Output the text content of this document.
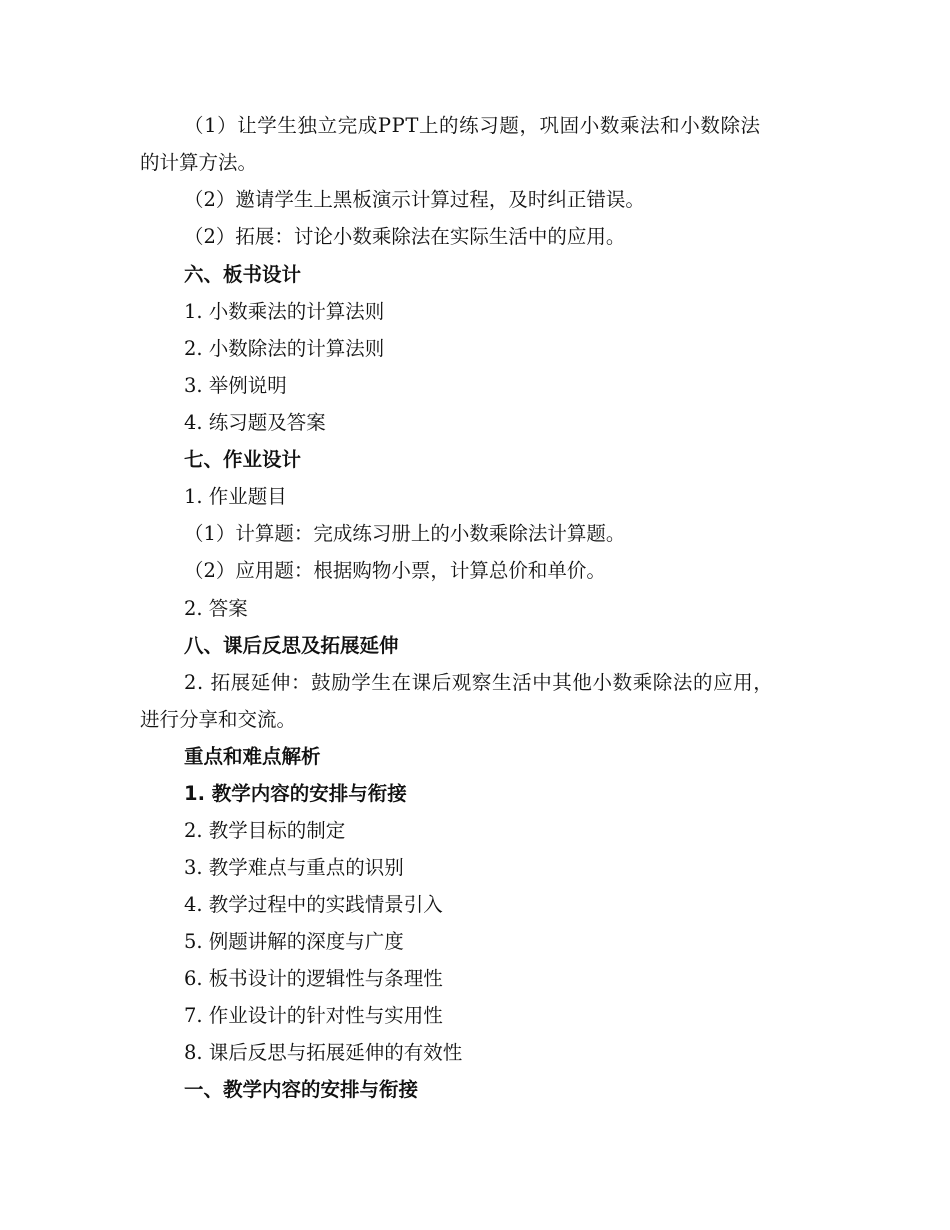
（1）让学生独立完成PPT上的练习题，巩固小数乘法和小数除法
的计算方法。
（2）邀请学生上黑板演示计算过程，及时纠正错误。
（2）拓展：讨论小数乘除法在实际生活中的应用。
六、板书设计
1. 小数乘法的计算法则
2. 小数除法的计算法则
3. 举例说明
4. 练习题及答案
七、作业设计
1. 作业题目
（1）计算题：完成练习册上的小数乘除法计算题。
（2）应用题：根据购物小票，计算总价和单价。
2. 答案
八、课后反思及拓展延伸
2. 拓展延伸：鼓励学生在课后观察生活中其他小数乘除法的应用，
进行分享和交流。
重点和难点解析
1. 教学内容的安排与衔接
2. 教学目标的制定
3. 教学难点与重点的识别
4. 教学过程中的实践情景引入
5. 例题讲解的深度与广度
6. 板书设计的逻辑性与条理性
7. 作业设计的针对性与实用性
8. 课后反思与拓展延伸的有效性
一、教学内容的安排与衔接
